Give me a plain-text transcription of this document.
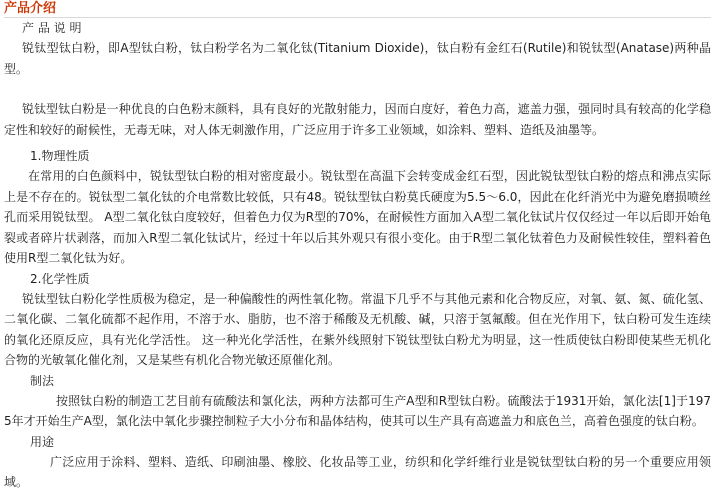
产品介绍
产 品 说 明

锐钛型钛白粉，即A型钛白粉，钛白粉学名为二氧化钛(Titanium Dioxide)，钛白粉有金红石(Rutile)和锐钛型(Anatase)两种晶型。

锐钛型钛白粉是一种优良的白色粉末颜料，具有良好的光散射能力，因而白度好，着色力高，遮盖力强，强同时具有较高的化学稳定性和较好的耐候性，无毒无味，对人体无刺激作用，广泛应用于许多工业领域，如涂料、塑料、造纸及油墨等。

1.物理性质

在常用的白色颜料中，锐钛型钛白粉的相对密度最小。锐钛型在高温下会转变成金红石型，因此锐钛型钛白粉的熔点和沸点实际上是不存在的。锐钛型二氧化钛的介电常数比较低，只有48。锐钛型钛白粉莫氏硬度为5.5～6.0，因此在化纤消光中为避免磨损喷丝孔而采用锐钛型。 A型二氧化钛白度较好，但着色力仅为R型的70%，在耐候性方面加入A型二氧化钛试片仅仅经过一年以后即开始龟裂或者碎片状剥落，而加入R型二氧化钛试片，经过十年以后其外观只有很小变化。由于R型二氧化钛着色力及耐候性较佳，塑料着色使用R型二氧化钛为好。

2.化学性质

锐钛型钛白粉化学性质极为稳定，是一种偏酸性的两性氧化物。常温下几乎不与其他元素和化合物反应，对氧、氨、氮、硫化氢、二氧化碳、二氧化硫都不起作用，不溶于水、脂肪，也不溶于稀酸及无机酸、碱，只溶于氢氟酸。但在光作用下，钛白粉可发生连续的氧化还原反应，具有光化学活性。 这一种光化学活性，在紫外线照射下锐钛型钛白粉尤为明显，这一性质使钛白粉即使某些无机化合物的光敏氧化催化剂，又是某些有机化合物光敏还原催化剂。

制法

按照钛白粉的制造工艺目前有硫酸法和氯化法，两种方法都可生产A型和R型钛白粉。硫酸法于1931开始，氯化法[1]于1975年才开始生产A型，氯化法中氧化步骤控制粒子大小分布和晶体结构，使其可以生产具有高遮盖力和底色兰，高着色强度的钛白粉。

用途

广泛应用于涂料、塑料、造纸、印刷油墨、橡胶、化妆品等工业，纺织和化学纤维行业是锐钛型钛白粉的另一个重要应用领域。
